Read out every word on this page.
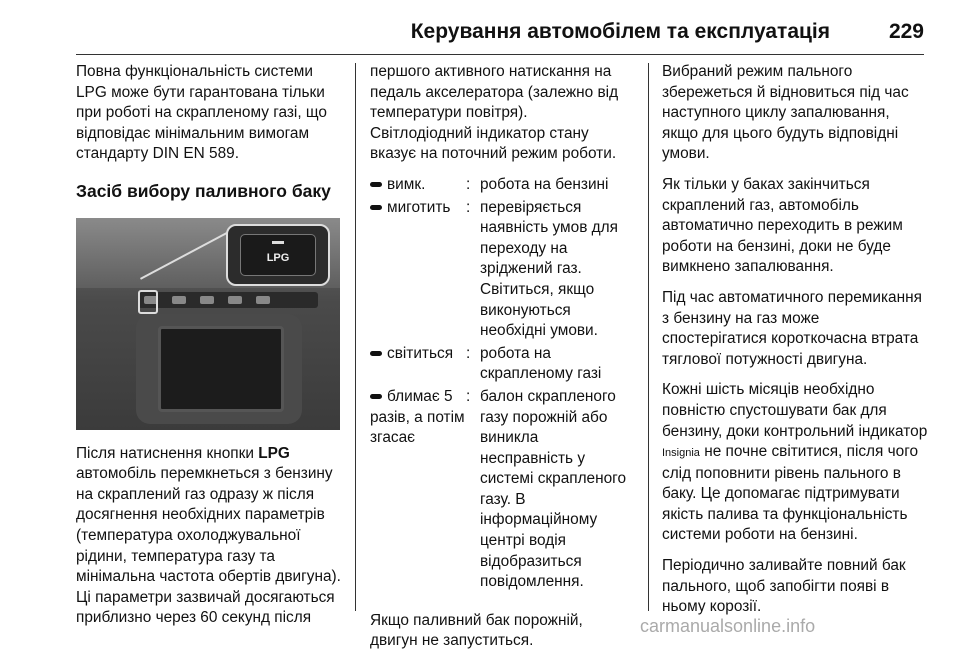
Керування автомобілем та експлуатація	229

Повна функціональність системи LPG може бути гарантована тільки при роботі на скрапленому газі, що відповідає мінімальним вимогам стандарту DIN EN 589.

Засіб вибору паливного баку
LPG

Після натиснення кнопки LPG автомобіль перемкнеться з бензину на скраплений газ одразу ж після досягнення необхідних параметрів (температура охолоджувальної рідини, температура газу та мінімальна частота обертів двигуна). Ці параметри зазвичай досягаються приблизно через 60 секунд після

першого активного натискання на педаль акселератора (залежно від температури повітря).

Світлодіодний індикатор стану вказує на поточний режим роботи.

вимк.	: робота на бензині
миготить	: перевіряється наявність умов для переходу на зріджений газ. Світиться, якщо виконуються необхідні умови.
світиться : робота на скрапленому газі
блимає 5 разів, а потім згасає
: балон скрапленого газу порожній або виникла несправність у системі скрапленого газу. В інформаційному центрі водія відобразиться повідомлення.

Якщо паливний бак порожній, двигун не запуститься.

Вибраний режим пального збережеться й відновиться під час наступного циклу запалювання, якщо для цього будуть відповідні умови.

Як тільки у баках закінчиться скраплений газ, автомобіль автоматично переходить в режим роботи на бензині, доки не буде вимкнено запалювання.

Під час автоматичного перемикання з бензину на газ може спостерігатися короткочасна втрата тяглової потужності двигуна.

Кожні шість місяців необхідно повністю спустошувати бак для бензину, доки контрольний індикатор Insignia не почне світитися, після чого слід поповнити рівень пального в баку. Це допомагає підтримувати якість палива та функціональність системи роботи на бензині.

Періодично заливайте повний бак пального, щоб запобігти появі в ньому корозії.

carmanualsonline.info
